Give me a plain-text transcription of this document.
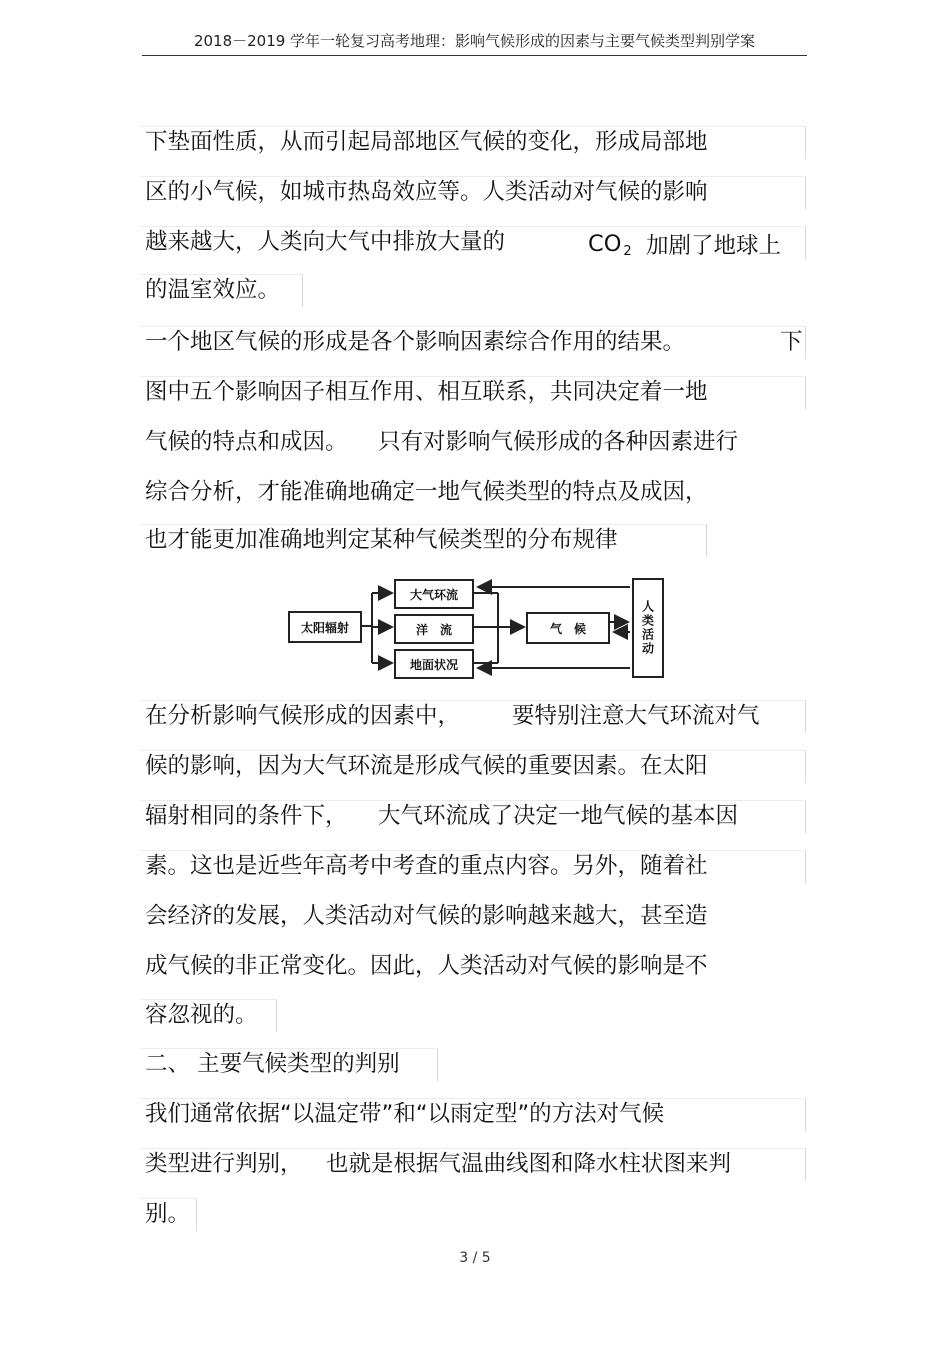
2018－2019 学年一轮复习高考地理：影响气候形成的因素与主要气候类型判别学案
下垫面性质，从而引起局部地区气候的变化，形成局部地
区的小气候，如城市热岛效应等。人类活动对气候的影响
越来越大，人类向大气中排放大量的	CO $_2$ 加剧了地球上
的温室效应。
一个地区气候的形成是各个影响因素综合作用的结果。	下
图中五个影响因子相互作用、相互联系，共同决定着一地
气候的特点和成因。 只有对影响气候形成的各种因素进行
综合分析，才能准确地确定一地气候类型的特点及成因，
也才能更加准确地判定某种气候类型的分布规律
太阳辐射
大气环流
洋　流
地面状况
气　候	人类活动
在分析影响气候形成的因素中， 要特别注意大气环流对气
候的影响，因为大气环流是形成气候的重要因素。在太阳
辐射相同的条件下， 大气环流成了决定一地气候的基本因
素。这也是近些年高考中考查的重点内容。另外，随着社
会经济的发展，人类活动对气候的影响越来越大，甚至造
成气候的非正常变化。因此，人类活动对气候的影响是不
容忽视的。
二、 主要气候类型的判别
我们通常依据“以温定带”和“以雨定型”的方法对气候
类型进行判别， 也就是根据气温曲线图和降水柱状图来判
别。
3 / 5
